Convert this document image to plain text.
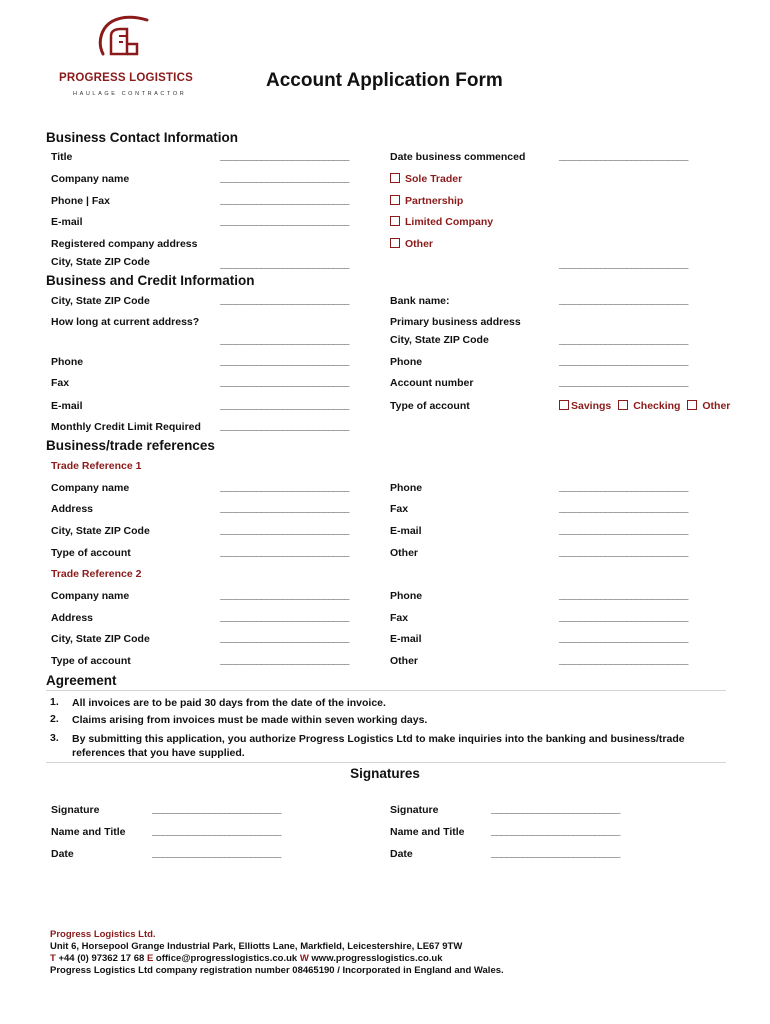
PROGRESS LOGISTICS
HAULAGE CONTRACTOR
Account Application Form
Business Contact Information
Title	_________________________	Date business commenced	_________________________
Company name	_________________________	Sole Trader
Phone | Fax	_________________________	Partnership
E-mail	_________________________	Limited Company
Registered company address	Other
City, State ZIP Code	_________________________	_________________________
Business and Credit Information
City, State ZIP Code	_________________________	Bank name:	_________________________
How long at current address?	Primary business address
_________________________	City, State ZIP Code	_________________________
Phone	_________________________	Phone	_________________________
Fax	_________________________	Account number	_________________________
E-mail	_________________________	Type of account	Savings Checking Other
Monthly Credit Limit Required _________________________
Business/trade references
Trade Reference 1
Company name	_________________________	Phone	_________________________
Address	_________________________	Fax	_________________________
City, State ZIP Code	_________________________	E-mail	_________________________
Type of account	_________________________	Other	_________________________
Trade Reference 2
Company name	_________________________	Phone	_________________________
Address	_________________________	Fax	_________________________
City, State ZIP Code	_________________________	E-mail	_________________________
Type of account	_________________________	Other	_________________________
Agreement
1. All invoices are to be paid 30 days from the date of the invoice.
2. Claims arising from invoices must be made within seven working days.
3. By submitting this application, you authorize Progress Logistics Ltd to make inquiries into the banking and business/trade references that you have supplied.
Signatures
Signature	_________________________	Signature	_________________________
Name and Title	_________________________	Name and Title	_________________________
Date	_________________________	Date	_________________________
Progress Logistics Ltd.
Unit 6, Horsepool Grange Industrial Park, Elliotts Lane, Markfield, Leicestershire, LE67 9TW
T +44 (0) 97362 17 68 E office@progresslogistics.co.uk W www.progresslogistics.co.uk
Progress Logistics Ltd company registration number 08465190 / Incorporated in England and Wales.
